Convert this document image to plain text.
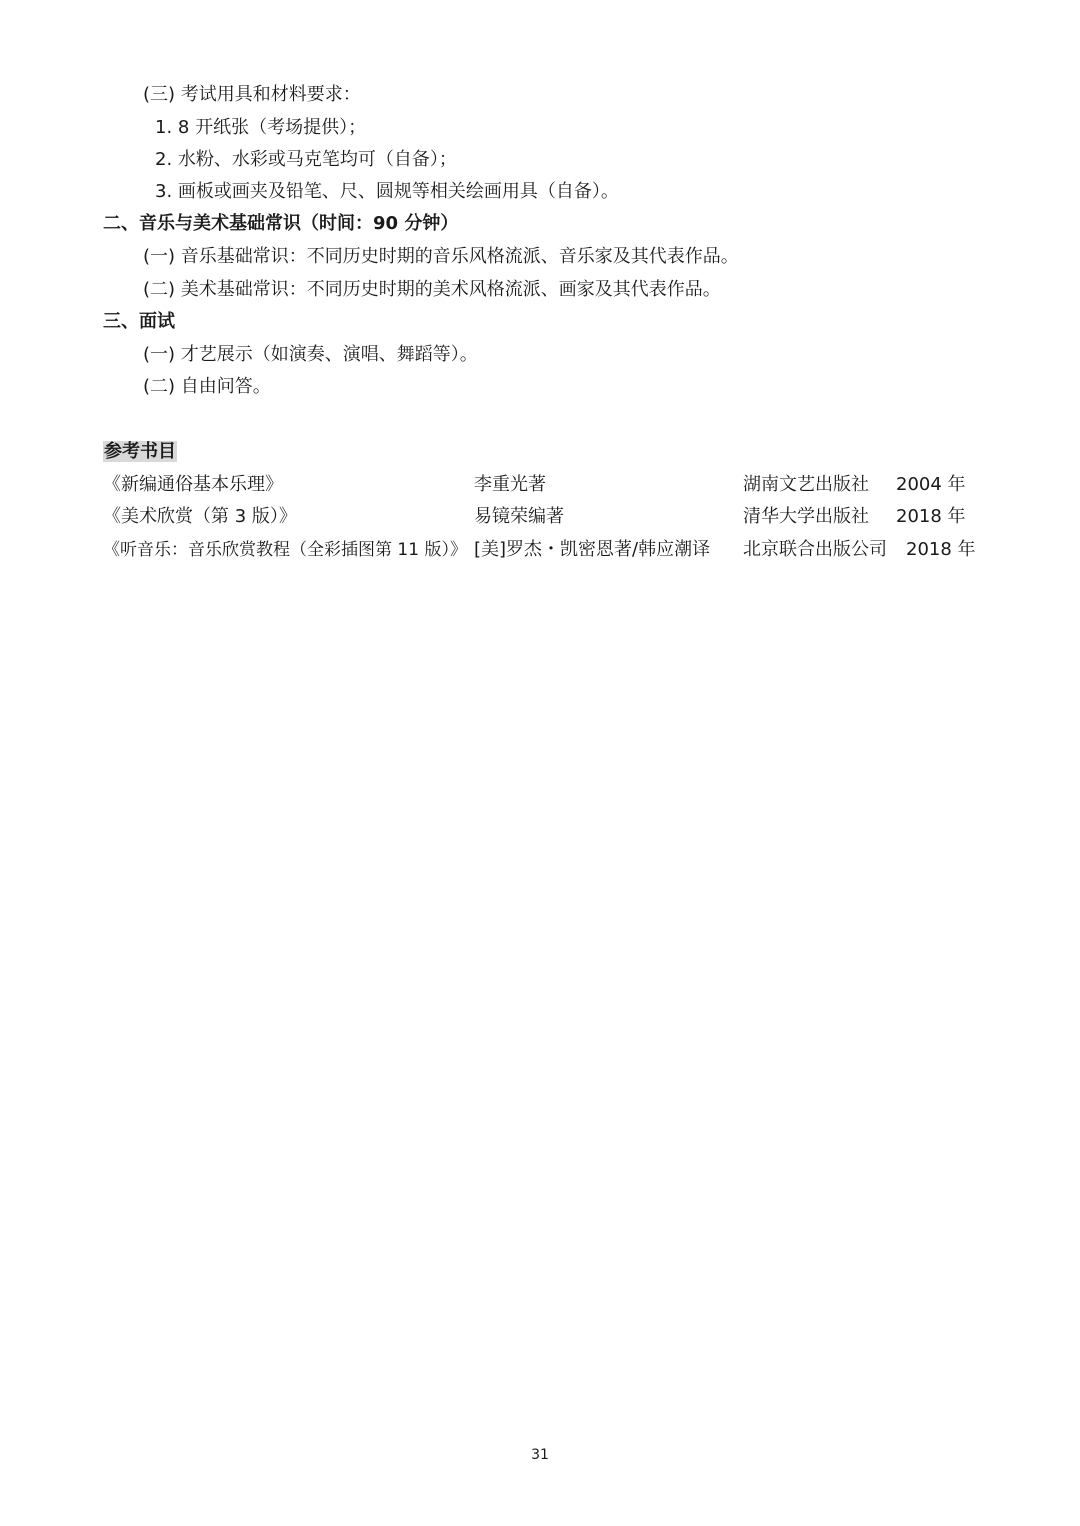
(三) 考试用具和材料要求：
1. 8 开纸张（考场提供）；
2. 水粉、水彩或马克笔均可（自备）；
3. 画板或画夹及铅笔、尺、圆规等相关绘画用具（自备）。
二、音乐与美术基础常识（时间：90 分钟）
(一) 音乐基础常识：不同历史时期的音乐风格流派、音乐家及其代表作品。
(二) 美术基础常识：不同历史时期的美术风格流派、画家及其代表作品。
三、面试
(一) 才艺展示（如演奏、演唱、舞蹈等）。
(二) 自由问答。
参考书目
《新编通俗基本乐理》	李重光著	湖南文艺出版社 2004 年
《美术欣赏（第 3 版）》	易镜荣编著	清华大学出版社 2018 年
《听音乐：音乐欣赏教程（全彩插图第 11 版）》 [美]罗杰・凯密恩著/韩应潮译 北京联合出版公司 2018 年
31
